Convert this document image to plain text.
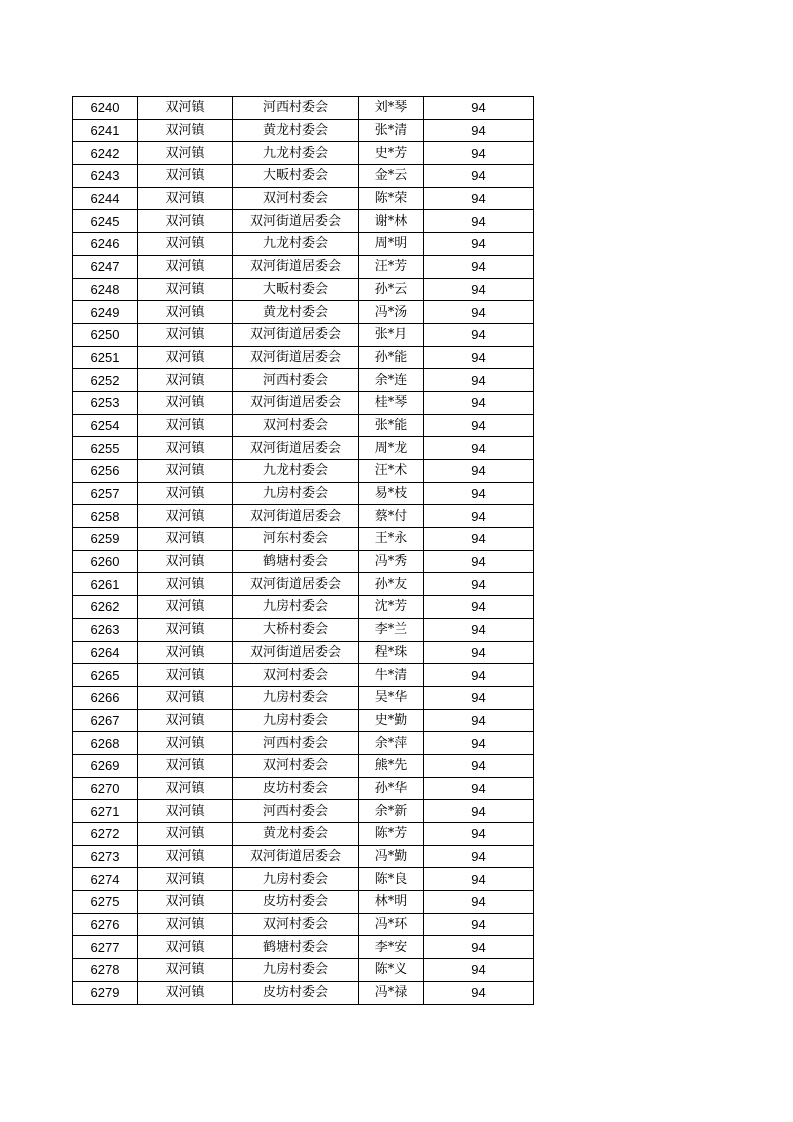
6240	双河镇	河西村委会	刘*琴	94
6241	双河镇	黄龙村委会	张*清	94
6242	双河镇	九龙村委会	史*芳	94
6243	双河镇	大畈村委会	金*云	94
6244	双河镇	双河村委会	陈*荣	94
6245	双河镇	双河街道居委会	谢*林	94
6246	双河镇	九龙村委会	周*明	94
6247	双河镇	双河街道居委会	汪*芳	94
6248	双河镇	大畈村委会	孙*云	94
6249	双河镇	黄龙村委会	冯*汤	94
6250	双河镇	双河街道居委会	张*月	94
6251	双河镇	双河街道居委会	孙*能	94
6252	双河镇	河西村委会	余*连	94
6253	双河镇	双河街道居委会	桂*琴	94
6254	双河镇	双河村委会	张*能	94
6255	双河镇	双河街道居委会	周*龙	94
6256	双河镇	九龙村委会	汪*术	94
6257	双河镇	九房村委会	易*枝	94
6258	双河镇	双河街道居委会	蔡*付	94
6259	双河镇	河东村委会	王*永	94
6260	双河镇	鹤塘村委会	冯*秀	94
6261	双河镇	双河街道居委会	孙*友	94
6262	双河镇	九房村委会	沈*芳	94
6263	双河镇	大桥村委会	李*兰	94
6264	双河镇	双河街道居委会	程*珠	94
6265	双河镇	双河村委会	牛*清	94
6266	双河镇	九房村委会	吴*华	94
6267	双河镇	九房村委会	史*勤	94
6268	双河镇	河西村委会	余*萍	94
6269	双河镇	双河村委会	熊*先	94
6270	双河镇	皮坊村委会	孙*华	94
6271	双河镇	河西村委会	余*新	94
6272	双河镇	黄龙村委会	陈*芳	94
6273	双河镇	双河街道居委会	冯*勤	94
6274	双河镇	九房村委会	陈*良	94
6275	双河镇	皮坊村委会	林*明	94
6276	双河镇	双河村委会	冯*环	94
6277	双河镇	鹤塘村委会	李*安	94
6278	双河镇	九房村委会	陈*义	94
6279	双河镇	皮坊村委会	冯*禄	94
